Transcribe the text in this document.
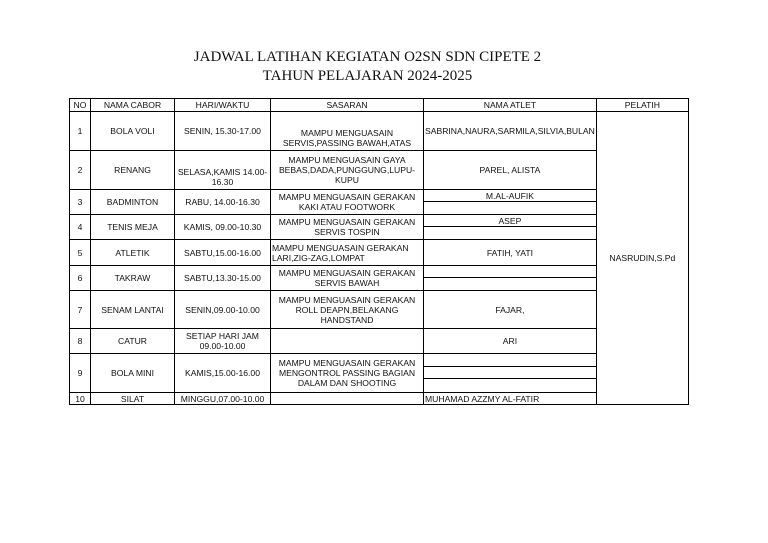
JADWAL LATIHAN KEGIATAN O2SN SDN CIPETE 2
TAHUN PELAJARAN 2024-2025
NO	NAMA CABOR	HARI/WAKTU	SASARAN	NAMA ATLET	PELATIH
1	BOLA VOLI	SENIN, 15.30-17.00	MAMPU MENGUASAIN SERVIS,PASSING BAWAH,ATAS	SABRINA,NAURA,SARMILA,SILVIA,BULAN	NASRUDIN,S.Pd
2	RENANG	SELASA,KAMIS 14.00-16.30	MAMPU MENGUASAIN GAYA BEBAS,DADA,PUNGGUNG,LUPU-KUPU	PAREL, ALISTA	
3	BADMINTON	RABU, 14.00-16.30	MAMPU MENGUASAIN GERAKAN KAKI ATAU FOOTWORK	M.AL-AUFIK	

4	TENIS MEJA	KAMIS, 09.00-10.30	MAMPU MENGUASAIN GERAKAN SERVIS TOSPIN	ASEP	

5	ATLETIK	SABTU,15.00-16.00	MAMPU MENGUASAIN GERAKAN LARI,ZIG-ZAG,LOMPAT	FATIH, YATI	
6	TAKRAW	SABTU,13.30-15.00	MAMPU MENGUASAIN GERAKAN SERVIS BAWAH		

7	SENAM LANTAI	SENIN,09.00-10.00	MAMPU MENGUASAIN GERAKAN ROLL DEAPN,BELAKANG HANDSTAND	FAJAR,	
8	CATUR	SETIAP HARI JAM 09.00-10.00		ARI	
9	BOLA MINI	KAMIS,15.00-16.00	MAMPU MENGUASAIN GERAKAN MENGONTROL PASSING BAGIAN DALAM DAN SHOOTING		

10	SILAT	MINGGU,07.00-10.00		MUHAMAD AZZMY AL-FATIR	
